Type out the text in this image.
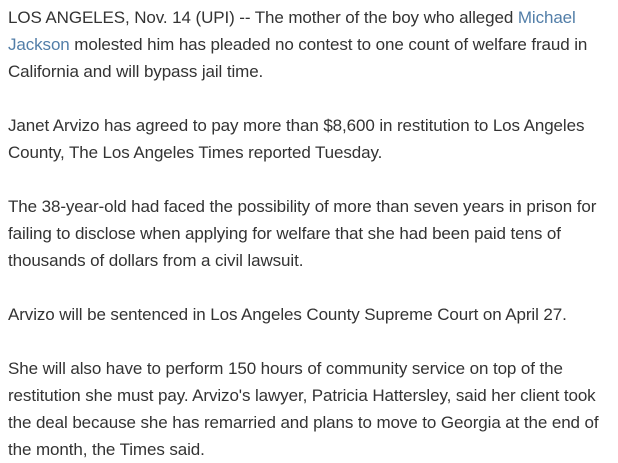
LOS ANGELES, Nov. 14 (UPI) -- The mother of the boy who alleged Michael Jackson molested him has pleaded no contest to one count of welfare fraud in California and will bypass jail time.

Janet Arvizo has agreed to pay more than $8,600 in restitution to Los Angeles County, The Los Angeles Times reported Tuesday.

The 38-year-old had faced the possibility of more than seven years in prison for failing to disclose when applying for welfare that she had been paid tens of thousands of dollars from a civil lawsuit.

Arvizo will be sentenced in Los Angeles County Supreme Court on April 27.

She will also have to perform 150 hours of community service on top of the restitution she must pay. Arvizo's lawyer, Patricia Hattersley, said her client took the deal because she has remarried and plans to move to Georgia at the end of the month, the Times said.
